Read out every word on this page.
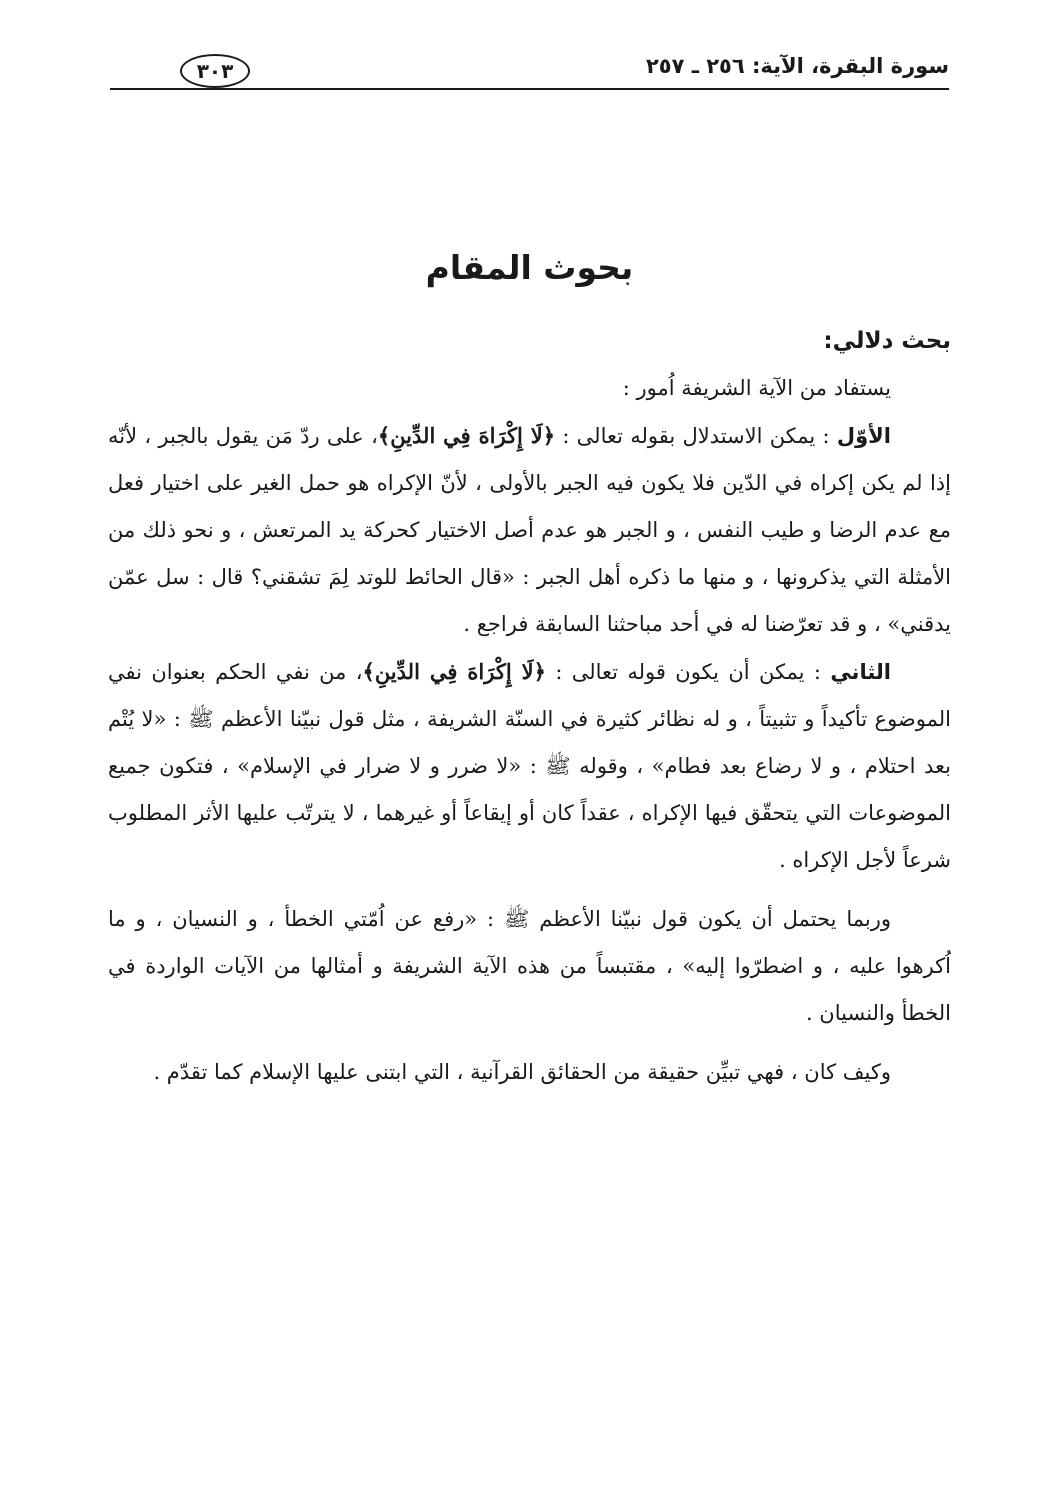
سورة البقرة، الآية: ٢٥٦ ـ ٢٥٧
٣٠٣
بحوث المقام

بحث دلالي:

يستفاد من الآية الشريفة اُمور :

الأوّل : يمكن الاستدلال بقوله تعالى : ﴿لَا إِكْرَاهَ فِي الدِّينِ﴾، على ردّ مَن يقول بالجبر ، لأنّه إذا لم يكن إكراه في الدّين فلا يكون فيه الجبر بالأولى ، لأنّ الإكراه هو حمل الغير على اختيار فعل مع عدم الرضا و طيب النفس ، و الجبر هو عدم أصل الاختيار كحركة يد المرتعش ، و نحو ذلك من الأمثلة التي يذكرونها ، و منها ما ذكره أهل الجبر : «قال الحائط للوتد لِمَ تشقني؟ قال : سل عمّن يدقني» ، و قد تعرّضنا له في أحد مباحثنا السابقة فراجع .

الثاني : يمكن أن يكون قوله تعالى : ﴿لَا إِكْرَاهَ فِي الدِّينِ﴾، من نفي الحكم بعنوان نفي الموضوع تأكيداً و تثبيتاً ، و له نظائر كثيرة في السنّة الشريفة ، مثل قول نبيّنا الأعظم ﷺ : «لا يُتْم بعد احتلام ، و لا رضاع بعد فطام» ، وقوله ﷺ : «لا ضرر و لا ضرار في الإسلام» ، فتكون جميع الموضوعات التي يتحقّق فيها الإكراه ، عقداً كان أو إيقاعاً أو غيرهما ، لا يترتّب عليها الأثر المطلوب شرعاً لأجل الإكراه .

وربما يحتمل أن يكون قول نبيّنا الأعظم ﷺ : «رفع عن اُمّتي الخطأ ، و النسيان ، و ما اُكرهوا عليه ، و اضطرّوا إليه» ، مقتبساً من هذه الآية الشريفة و أمثالها من الآيات الواردة في الخطأ والنسيان .

وكيف كان ، فهي تبيِّن حقيقة من الحقائق القرآنية ، التي ابتنى عليها الإسلام كما تقدّم .
